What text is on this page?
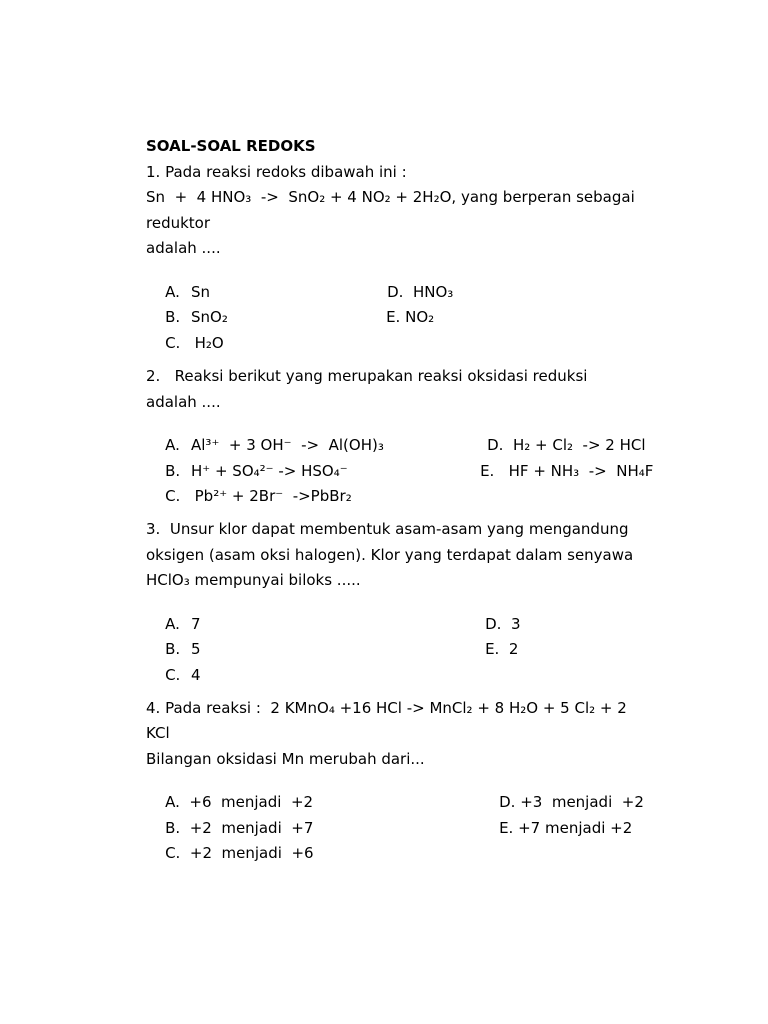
SOAL-SOAL REDOKS
1. Pada reaksi redoks dibawah ini :
Sn  +  4 HNO₃  ->  SnO₂ + 4 NO₂ + 2H₂O, yang berperan sebagai
reduktor
adalah ....

A. Sn

	D. HNO₃

B. SnO₂

	E. NO₂

C. H₂O

2.   Reaksi berikut yang merupakan reaksi oksidasi reduksi
adalah ....

A. Al³⁺  + 3 OH⁻  ->  Al(OH)₃

	D. H₂ + Cl₂  -> 2 HCl

B. H⁺ + SO₄²⁻ -> HSO₄⁻

	E. HF + NH₃  ->  NH₄F

C. Pb²⁺ + 2Br⁻  ->PbBr₂

3.  Unsur klor dapat membentuk asam-asam yang mengandung
oksigen (asam oksi halogen). Klor yang terdapat dalam senyawa
HClO₃ mempunyai biloks .....

A. 7

	D. 3

B. 5

	E. 2

C. 4

4. Pada reaksi :  2 KMnO₄ +16 HCl -> MnCl₂ + 8 H₂O + 5 Cl₂ + 2
KCl
Bilangan oksidasi Mn merubah dari...

A. +6  menjadi  +2
	D. +3  menjadi  +2

B. +2  menjadi  +7
	E. +7 menjadi +2

C. +2  menjadi  +6
